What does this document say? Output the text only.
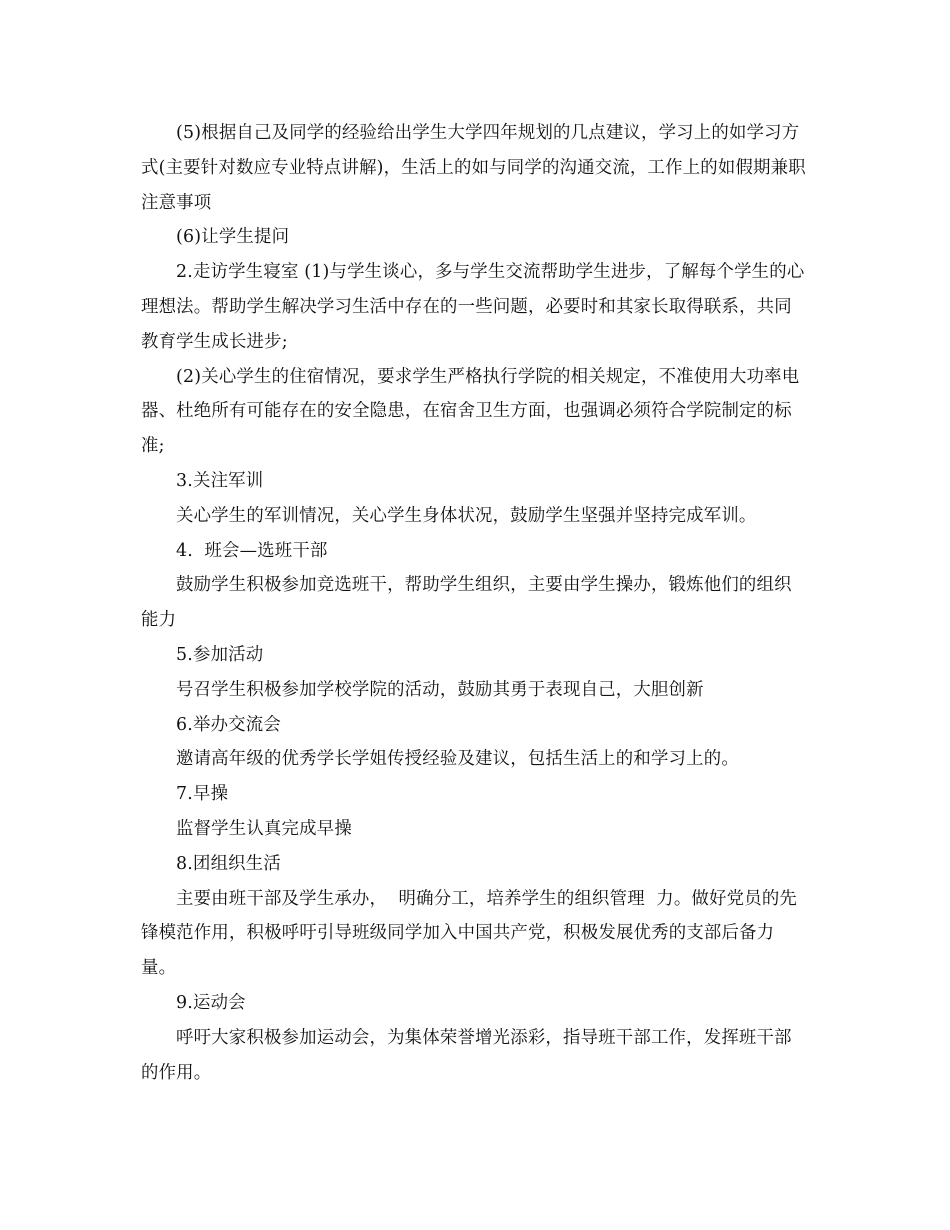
(5)根据自己及同学的经验给出学生大学四年规划的几点建议，学习上的如学习方式(主要针对数应专业特点讲解)，生活上的如与同学的沟通交流，工作上的如假期兼职注意事项

(6)让学生提问

2.走访学生寝室 (1)与学生谈心，多与学生交流帮助学生进步，了解每个学生的心理想法。帮助学生解决学习生活中存在的一些问题，必要时和其家长取得联系，共同教育学生成长进步;

(2)关心学生的住宿情况，要求学生严格执行学院的相关规定，不准使用大功率电器、杜绝所有可能存在的安全隐患，在宿舍卫生方面，也强调必须符合学院制定的标准;

3.关注军训

关心学生的军训情况，关心学生身体状况，鼓励学生坚强并坚持完成军训。

4.  班会—选班干部

鼓励学生积极参加竞选班干，帮助学生组织，主要由学生操办，锻炼他们的组织能力

5.参加活动

号召学生积极参加学校学院的活动，鼓励其勇于表现自己，大胆创新

6.举办交流会

邀请高年级的优秀学长学姐传授经验及建议，包括生活上的和学习上的。

7.早操

监督学生认真完成早操

8.团组织生活

主要由班干部及学生承办，  明确分工，培养学生的组织管理  力。做好党员的先锋模范作用，积极呼吁引导班级同学加入中国共产党，积极发展优秀的支部后备力量。

9.运动会

呼吁大家积极参加运动会，为集体荣誉增光添彩，指导班干部工作，发挥班干部的作用。
